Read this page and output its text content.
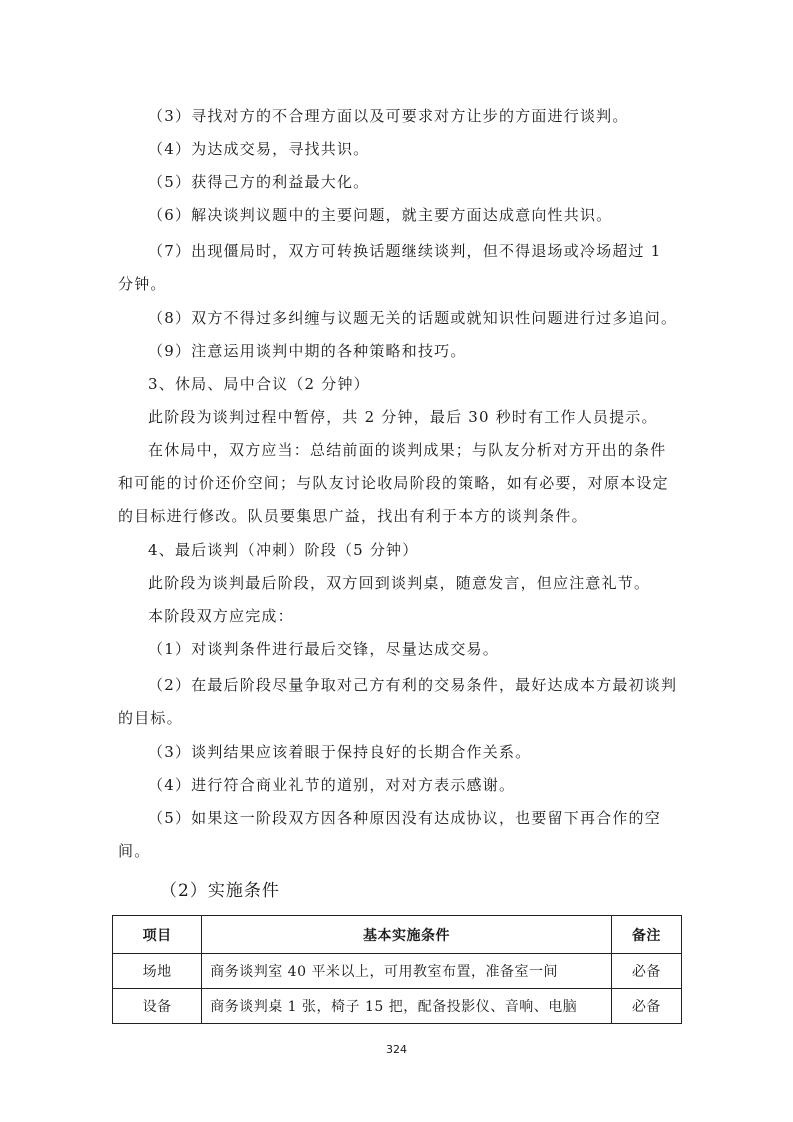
（3）寻找对方的不合理方面以及可要求对方让步的方面进行谈判。

（4）为达成交易，寻找共识。

（5）获得己方的利益最大化。

（6）解决谈判议题中的主要问题，就主要方面达成意向性共识。

（7）出现僵局时，双方可转换话题继续谈判，但不得退场或冷场超过 1 分钟。

（8）双方不得过多纠缠与议题无关的话题或就知识性问题进行过多追问。

（9）注意运用谈判中期的各种策略和技巧。

3、休局、局中合议（2 分钟）

此阶段为谈判过程中暂停，共 2 分钟，最后 30 秒时有工作人员提示。

在休局中，双方应当：总结前面的谈判成果；与队友分析对方开出的条件和可能的讨价还价空间；与队友讨论收局阶段的策略，如有必要，对原本设定的目标进行修改。队员要集思广益，找出有利于本方的谈判条件。

4、最后谈判（冲刺）阶段（5 分钟）

此阶段为谈判最后阶段，双方回到谈判桌，随意发言，但应注意礼节。

本阶段双方应完成：

（1）对谈判条件进行最后交锋，尽量达成交易。

（2）在最后阶段尽量争取对己方有利的交易条件，最好达成本方最初谈判的目标。

（3）谈判结果应该着眼于保持良好的长期合作关系。

（4）进行符合商业礼节的道别，对对方表示感谢。

（5）如果这一阶段双方因各种原因没有达成协议，也要留下再合作的空间。

（2）实施条件
项目	基本实施条件	备注
场地	商务谈判室 40 平米以上，可用教室布置，准备室一间	必备
设备	商务谈判桌 1 张，椅子 15 把，配备投影仪、音响、电脑	必备
324
